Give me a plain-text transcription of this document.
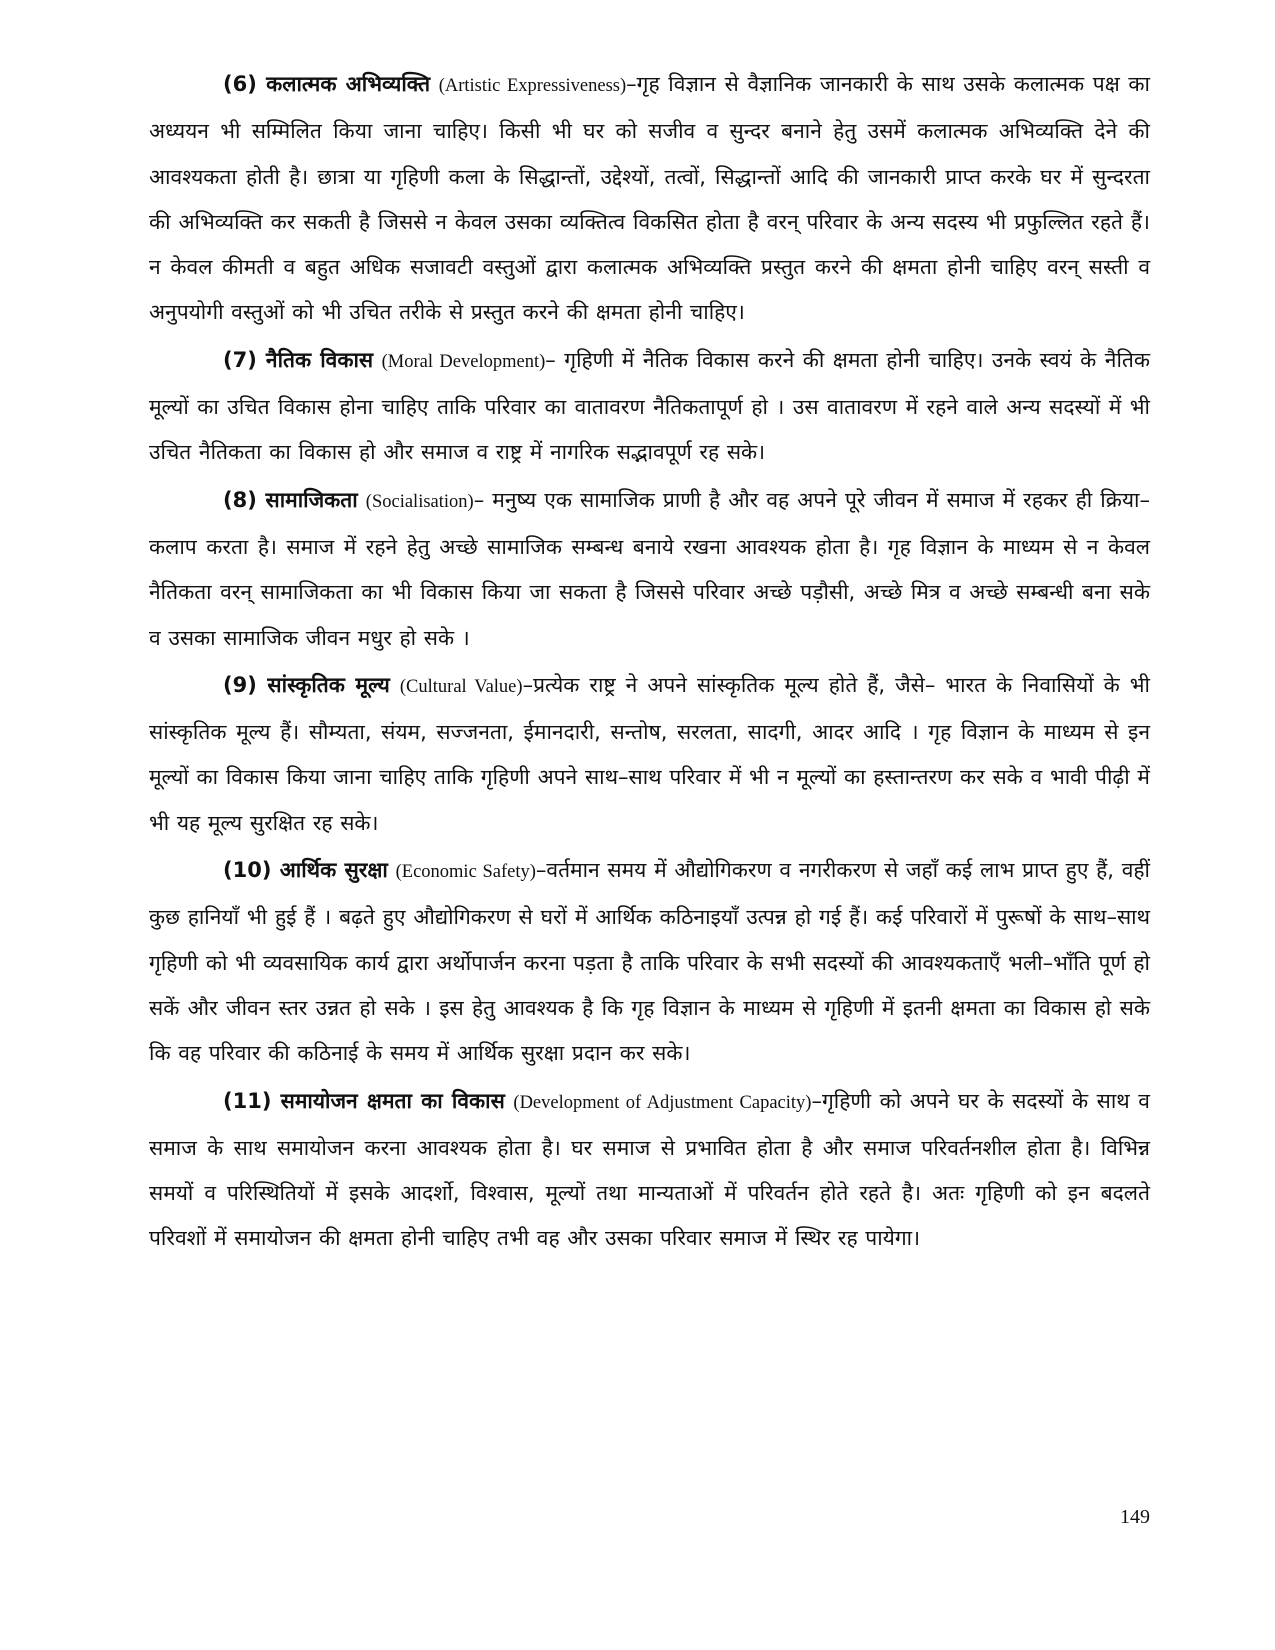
(6) कलात्मक अभिव्यक्ति (Artistic Expressiveness)–गृह विज्ञान से वैज्ञानिक जानकारी के साथ उसके कलात्मक पक्ष का अध्ययन भी सम्मिलित किया जाना चाहिए। किसी भी घर को सजीव व सुन्दर बनाने हेतु उसमें कलात्मक अभिव्यक्ति देने की आवश्यकता होती है। छात्रा या गृहिणी कला के सिद्धान्तों, उद्देश्यों, तत्वों, सिद्धान्तों आदि की जानकारी प्राप्त करके घर में सुन्दरता की अभिव्यक्ति कर सकती है जिससे न केवल उसका व्यक्तित्व विकसित होता है वरन् परिवार के अन्य सदस्य भी प्रफुल्लित रहते हैं। न केवल कीमती व बहुत अधिक सजावटी वस्तुओं द्वारा कलात्मक अभिव्यक्ति प्रस्तुत करने की क्षमता होनी चाहिए वरन् सस्ती व अनुपयोगी वस्तुओं को भी उचित तरीके से प्रस्तुत करने की क्षमता होनी चाहिए।

(7) नैतिक विकास (Moral Development)– गृहिणी में नैतिक विकास करने की क्षमता होनी चाहिए। उनके स्वयं के नैतिक मूल्यों का उचित विकास होना चाहिए ताकि परिवार का वातावरण नैतिकतापूर्ण हो । उस वातावरण में रहने वाले अन्य सदस्यों में भी उचित नैतिकता का विकास हो और समाज व राष्ट्र में नागरिक सद्भावपूर्ण रह सके।

(8) सामाजिकता (Socialisation)– मनुष्य एक सामाजिक प्राणी है और वह अपने पूरे जीवन में समाज में रहकर ही क्रिया–कलाप करता है। समाज में रहने हेतु अच्छे सामाजिक सम्बन्ध बनाये रखना आवश्यक होता है। गृह विज्ञान के माध्यम से न केवल नैतिकता वरन् सामाजिकता का भी विकास किया जा सकता है जिससे परिवार अच्छे पड़ौसी, अच्छे मित्र व अच्छे सम्बन्धी बना सके व उसका सामाजिक जीवन मधुर हो सके ।

(9) सांस्कृतिक मूल्य (Cultural Value)–प्रत्येक राष्ट्र ने अपने सांस्कृतिक मूल्य होते हैं, जैसे– भारत के निवासियों के भी सांस्कृतिक मूल्य हैं। सौम्यता, संयम, सज्जनता, ईमानदारी, सन्तोष, सरलता, सादगी, आदर आदि । गृह विज्ञान के माध्यम से इन मूल्यों का विकास किया जाना चाहिए ताकि गृहिणी अपने साथ–साथ परिवार में भी न मूल्यों का हस्तान्तरण कर सके व भावी पीढ़ी में भी यह मूल्य सुरक्षित रह सके।

(10) आर्थिक सुरक्षा (Economic Safety)–वर्तमान समय में औद्योगिकरण व नगरीकरण से जहाँ कई लाभ प्राप्त हुए हैं, वहीं कुछ हानियाँ भी हुई हैं । बढ़ते हुए औद्योगिकरण से घरों में आर्थिक कठिनाइयाँ उत्पन्न हो गई हैं। कई परिवारों में पुरूषों के साथ–साथ गृहिणी को भी व्यवसायिक कार्य द्वारा अर्थोपार्जन करना पड़ता है ताकि परिवार के सभी सदस्यों की आवश्यकताएँ भली–भाँति पूर्ण हो सकें और जीवन स्तर उन्नत हो सके । इस हेतु आवश्यक है कि गृह विज्ञान के माध्यम से गृहिणी में इतनी क्षमता का विकास हो सके कि वह परिवार की कठिनाई के समय में आर्थिक सुरक्षा प्रदान कर सके।

(11) समायोजन क्षमता का विकास (Development of Adjustment Capacity)–गृहिणी को अपने घर के सदस्यों के साथ व समाज के साथ समायोजन करना आवश्यक होता है। घर समाज से प्रभावित होता है और समाज परिवर्तनशील होता है। विभिन्न समयों व परिस्थितियों में इसके आदर्शो, विश्वास, मूल्यों तथा मान्यताओं में परिवर्तन होते रहते है। अतः गृहिणी को इन बदलते परिवशों में समायोजन की क्षमता होनी चाहिए तभी वह और उसका परिवार समाज में स्थिर रह पायेगा।

149
